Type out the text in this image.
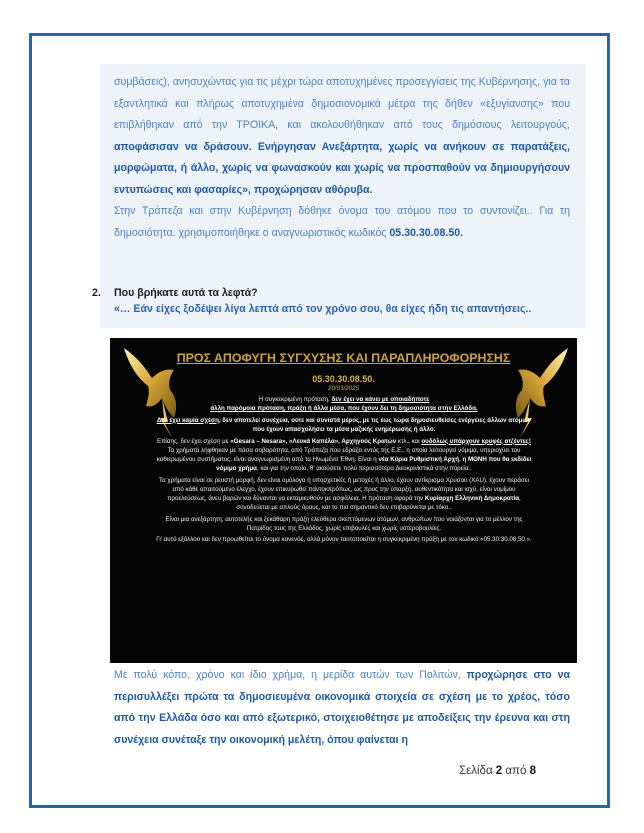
συμβάσεις), ανησυχώντας για τις μέχρι τώρα αποτυχημένες προσεγγίσεις της Κυβέρνησης, για τα εξαντλητικά και πλήρως αποτυχημένα δημοσιονομικά μέτρα της δήθεν «εξυγίανσης» που επιβλήθηκαν από την ΤΡΟΙΚΑ, και ακολουθήθηκαν από τους δημόσιους λειτουργούς, αποφάσισαν να δράσουν. Ενήργησαν Ανεξάρτητα, χωρίς να ανήκουν σε παρατάξεις, μορφώματα, ή άλλο, χωρίς να φωνασκούν και χωρίς να προσπαθούν να δημιουργήσουν εντυπώσεις και φασαρίες», προχώρησαν αθόρυβα.
Στην Τράπεζα και στην Κυβέρνηση δόθηκε όνομα του ατόμου που το συντονίζει.. Για τη δημοσιότητα. χρησιμοποιήθηκε ο αναγνωριστικός κωδικός 05.30.30.08.50.
2. Που βρήκατε αυτά τα λεφτά?
«… Εάν είχες ξοδέψει λίγα λεπτά από τον χρόνο σου, θα είχες ήδη τις απαντήσεις..
ΠΡΟΣ ΑΠΟΦΥΓΗ ΣΥΓΧΥΣΗΣ ΚΑΙ ΠΑΡΑΠΛΗΡΟΦΟΡΗΣΗΣ
05.30.30.08.50.
20/03/2025

Η συγκεκριμένη πρόταση, δεν έχει να κάνει με οποιαδήποτε
άλλη παρόμοια πρόταση, πράξη ή άλλα μέσα, που έχουν δει τη δημοσιότητα στην Ελλάδα.

Δεν έχει καμία σχέση, δεν αποτελεί συνέχεια, ούτε και συνιστά μέρος, με τις έως τώρα δημοσιευθείσες ενέργειες άλλων ατόμων που έχουν απασχολήσει τα μέσα μαζικής ενημέρωσης ή άλλο.

Επίσης, δεν έχει σχέση με «Gesara – Nesara», «Λευκά Καπέλα», Αρχηγούς Κρατών κτλ., και ουδόλως υπάρχουν κρυφές ατζέντες! Τα χρήματα λήφθηκαν με πάσα σοβαρότητα, από Τράπεζα που εδράζει εντός της Ε.Ε., η οποία λειτουργεί νόμιμα, υπεριοχύει του καθιερωμένου συστήματος, είναι αναγνωρισμένη από τα Ηνωμένα Έθνη. Είναι η νέα Κύρια Ρυθμιστική Αρχή, η ΜΟΝΗ που θα εκδίδει νόμιμο χρήμα, και για την οποία, θ' ακούσετε πολύ περισσότερα διευκρινιστικά στην πορεία..

Τα χρήματα είναι σε ρευστή μορφή, δεν είναι ομόλογα ή υποσχετικές ή μετοχές ή άλλο, έχουν αντίκρισμα Χρυσού (XAU), έχουν περάσει από κάθε απαιτούμενο έλεγχο, έχουν επικυρωθεί παντοιοτρόπως, ως προς την ύπαρξη, αυθεντικότητα και ισχύ, είναι νομίμου προελεύσεως, άνευ βαρών και δύνανται να εκταμιευθούν με ασφάλεια. Η πρόταση αφορά την Κυρίαρχη Ελληνική Δημοκρατία, συνοδεύεται με απλούς όρους, και το πιο σημαντικό δεν επιβαρύνεται με τόκο..

Είναι μια ανεξάρτητη, αυτοτελής και ξεκάθαρη πράξη ελεύθερα σκεπτόμενων ατόμων, ανθρώπων που νοιάζονται για το μέλλον της Πατρίδος τους της Ελλάδος, χωρίς επιβουλές και χωρίς υστεροβουλίες.

Γι' αυτό εξάλλου και δεν προωθείται το όνομα κανενός, αλλά μόνον ταυτοποιείται η συγκεκριμένη πράξη με τον κωδικό:«05.30.30.08.50.».

Με πολύ κόπο, χρόνο και ίδιο χρήμα, η μερίδα αυτών των Πολιτών, προχώρησε στο να περισυλλέξει πρώτα τα δημοσιευμένα οικονομικά στοιχεία σε σχέση με το χρέος, τόσο από την Ελλάδα όσο και από εξωτερικό, στοιχειοθέτησε με αποδείξεις την έρευνα και στη συνέχεια συνέταξε την οικονομική μελέτη, όπου φαίνεται η
Σελίδα 2 από 8
